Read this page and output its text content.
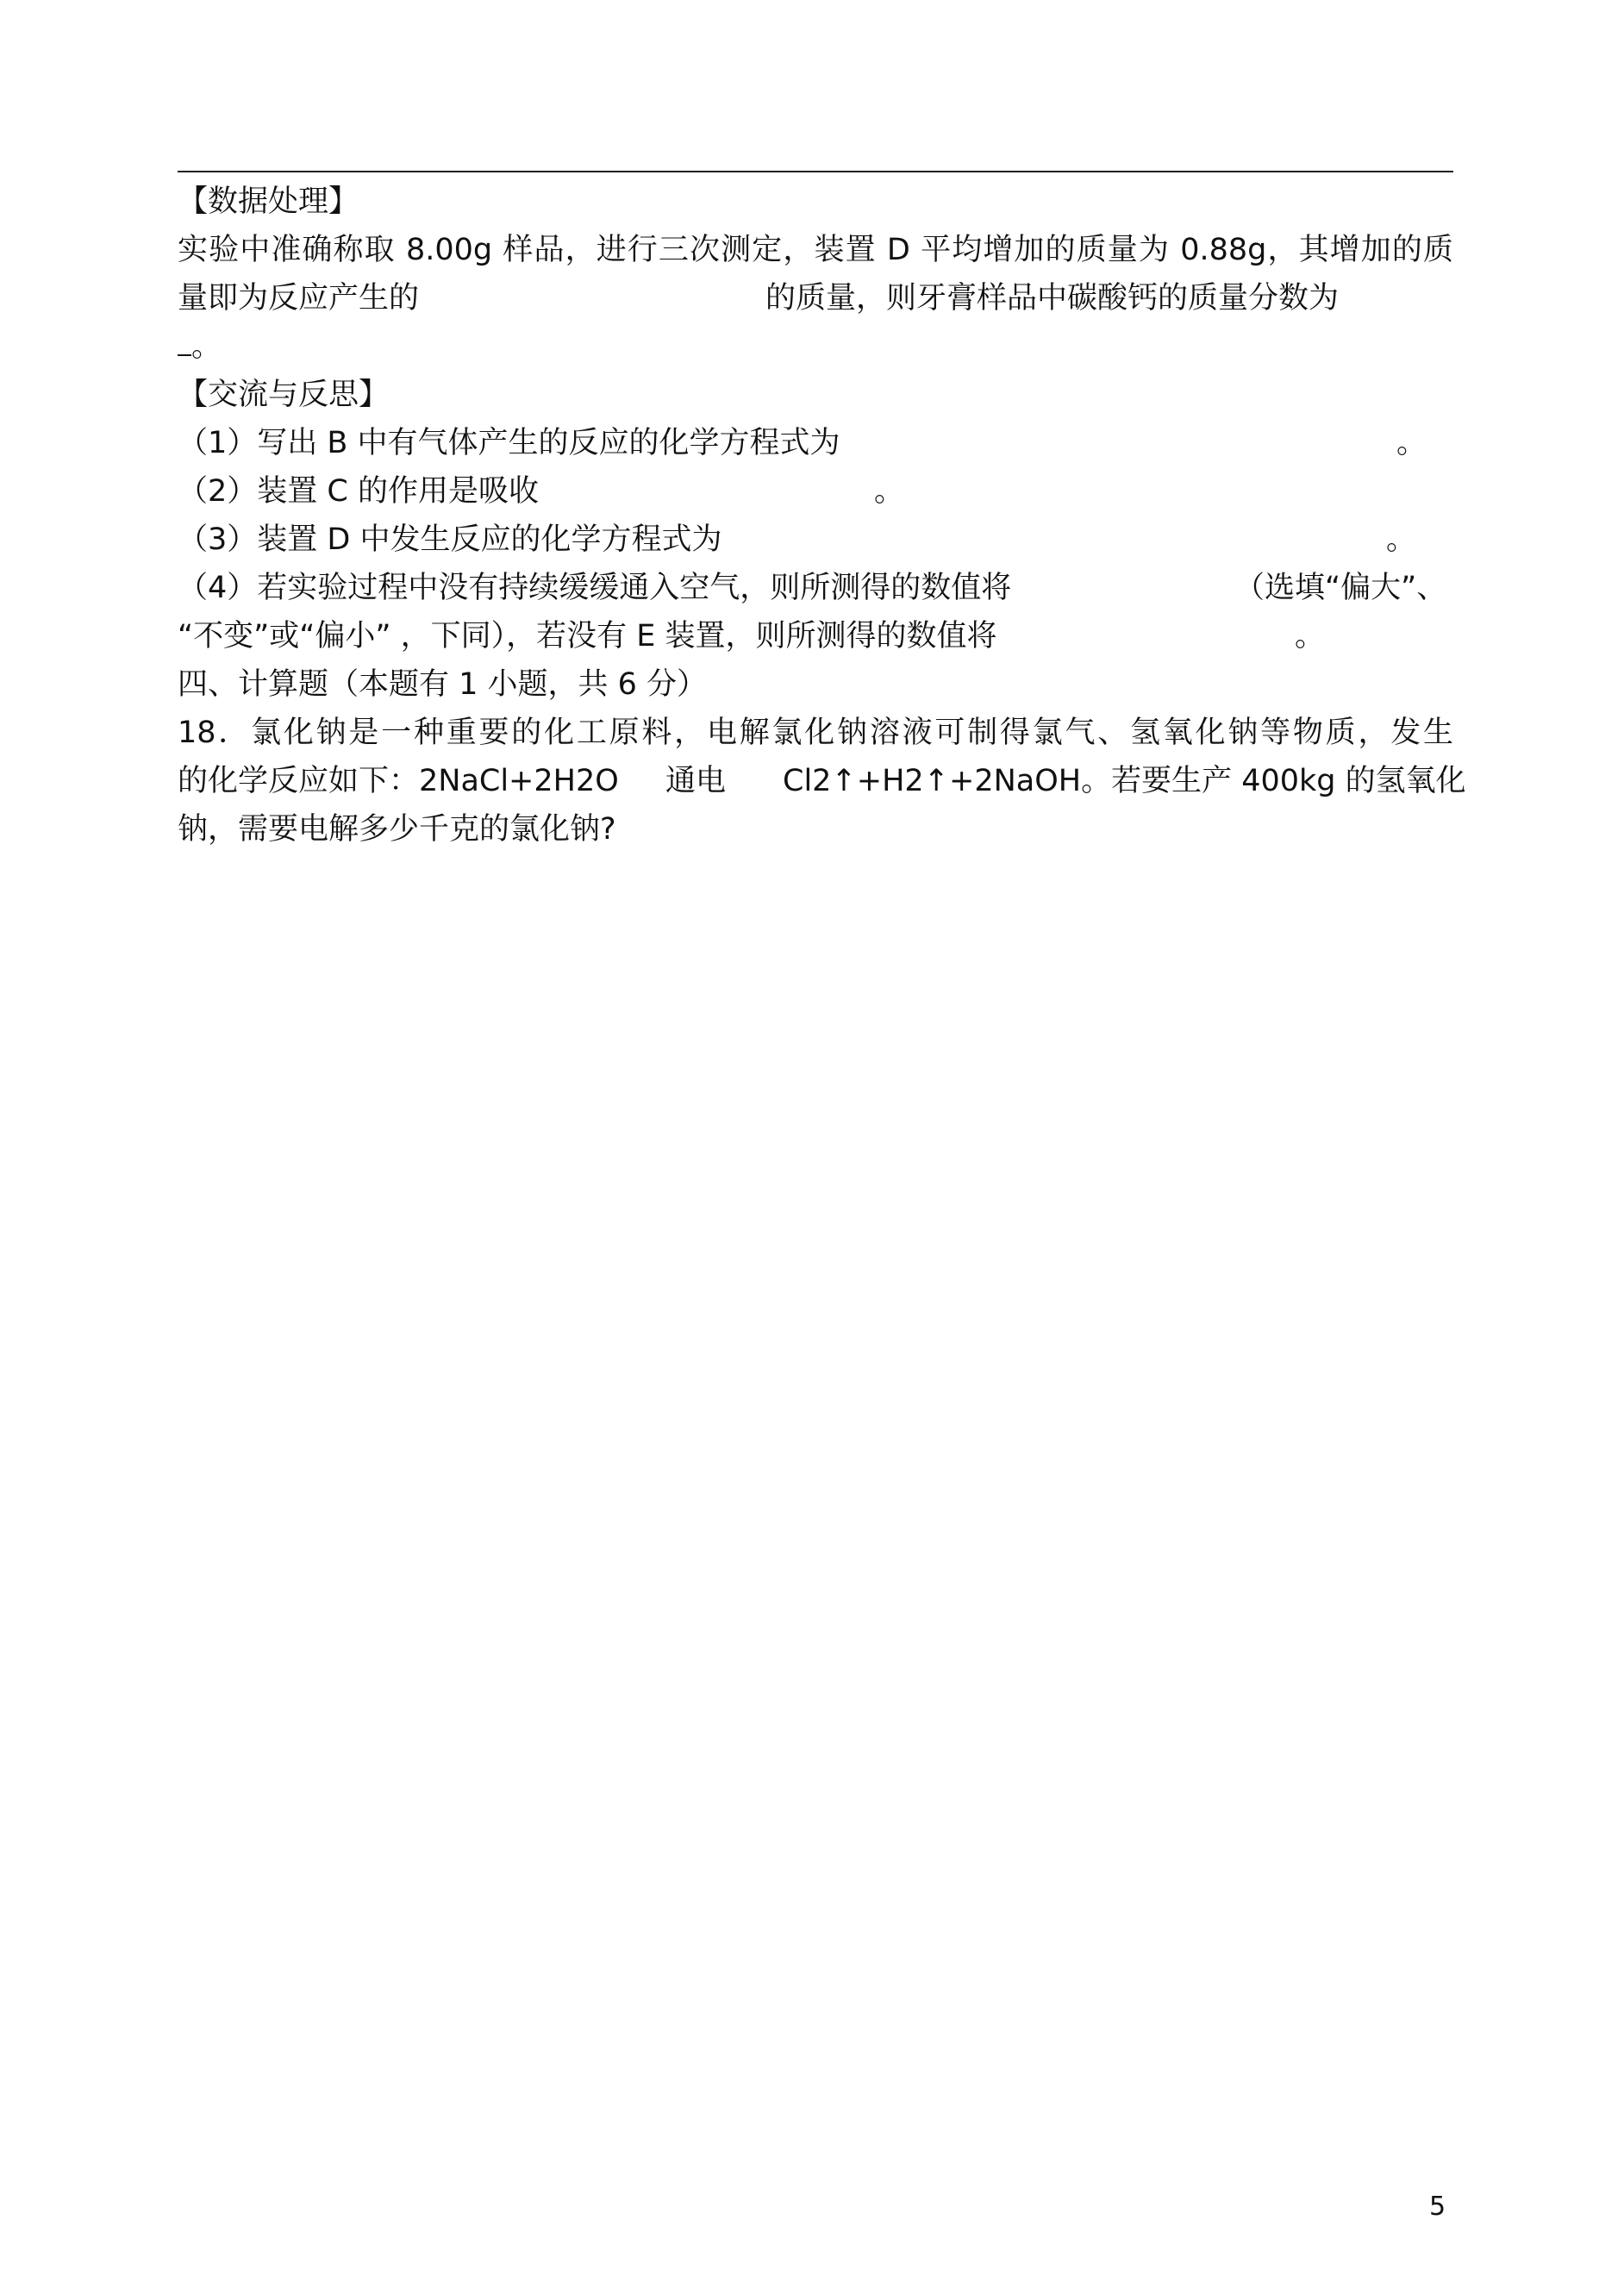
【数据处理】
实验中准确称取 8.00g 样品，进行三次测定，装置 D 平均增加的质量为 0.88g，其增加的质
量即为反应产生的	的质量，则牙膏样品中碳酸钙的质量分数为
。
【交流与反思】
（1）写出 B 中有气体产生的反应的化学方程式为	。
（2）装置 C 的作用是吸收	。
（3）装置 D 中发生反应的化学方程式为	。
（4）若实验过程中没有持续缓缓通入空气，则所测得的数值将	（选填“偏大”、
“不变”或“偏小” ，下同），若没有 E 装置，则所测得的数值将	。
四、计算题（本题有 1 小题，共 6 分）
18．氯化钠是一种重要的化工原料，电解氯化钠溶液可制得氯气、氢氧化钠等物质，发生
的化学反应如下：2NaCl+2H2O 通电 Cl2↑+H2↑+2NaOH。若要生产 400kg 的氢氧化
钠，需要电解多少千克的氯化钠?
5
